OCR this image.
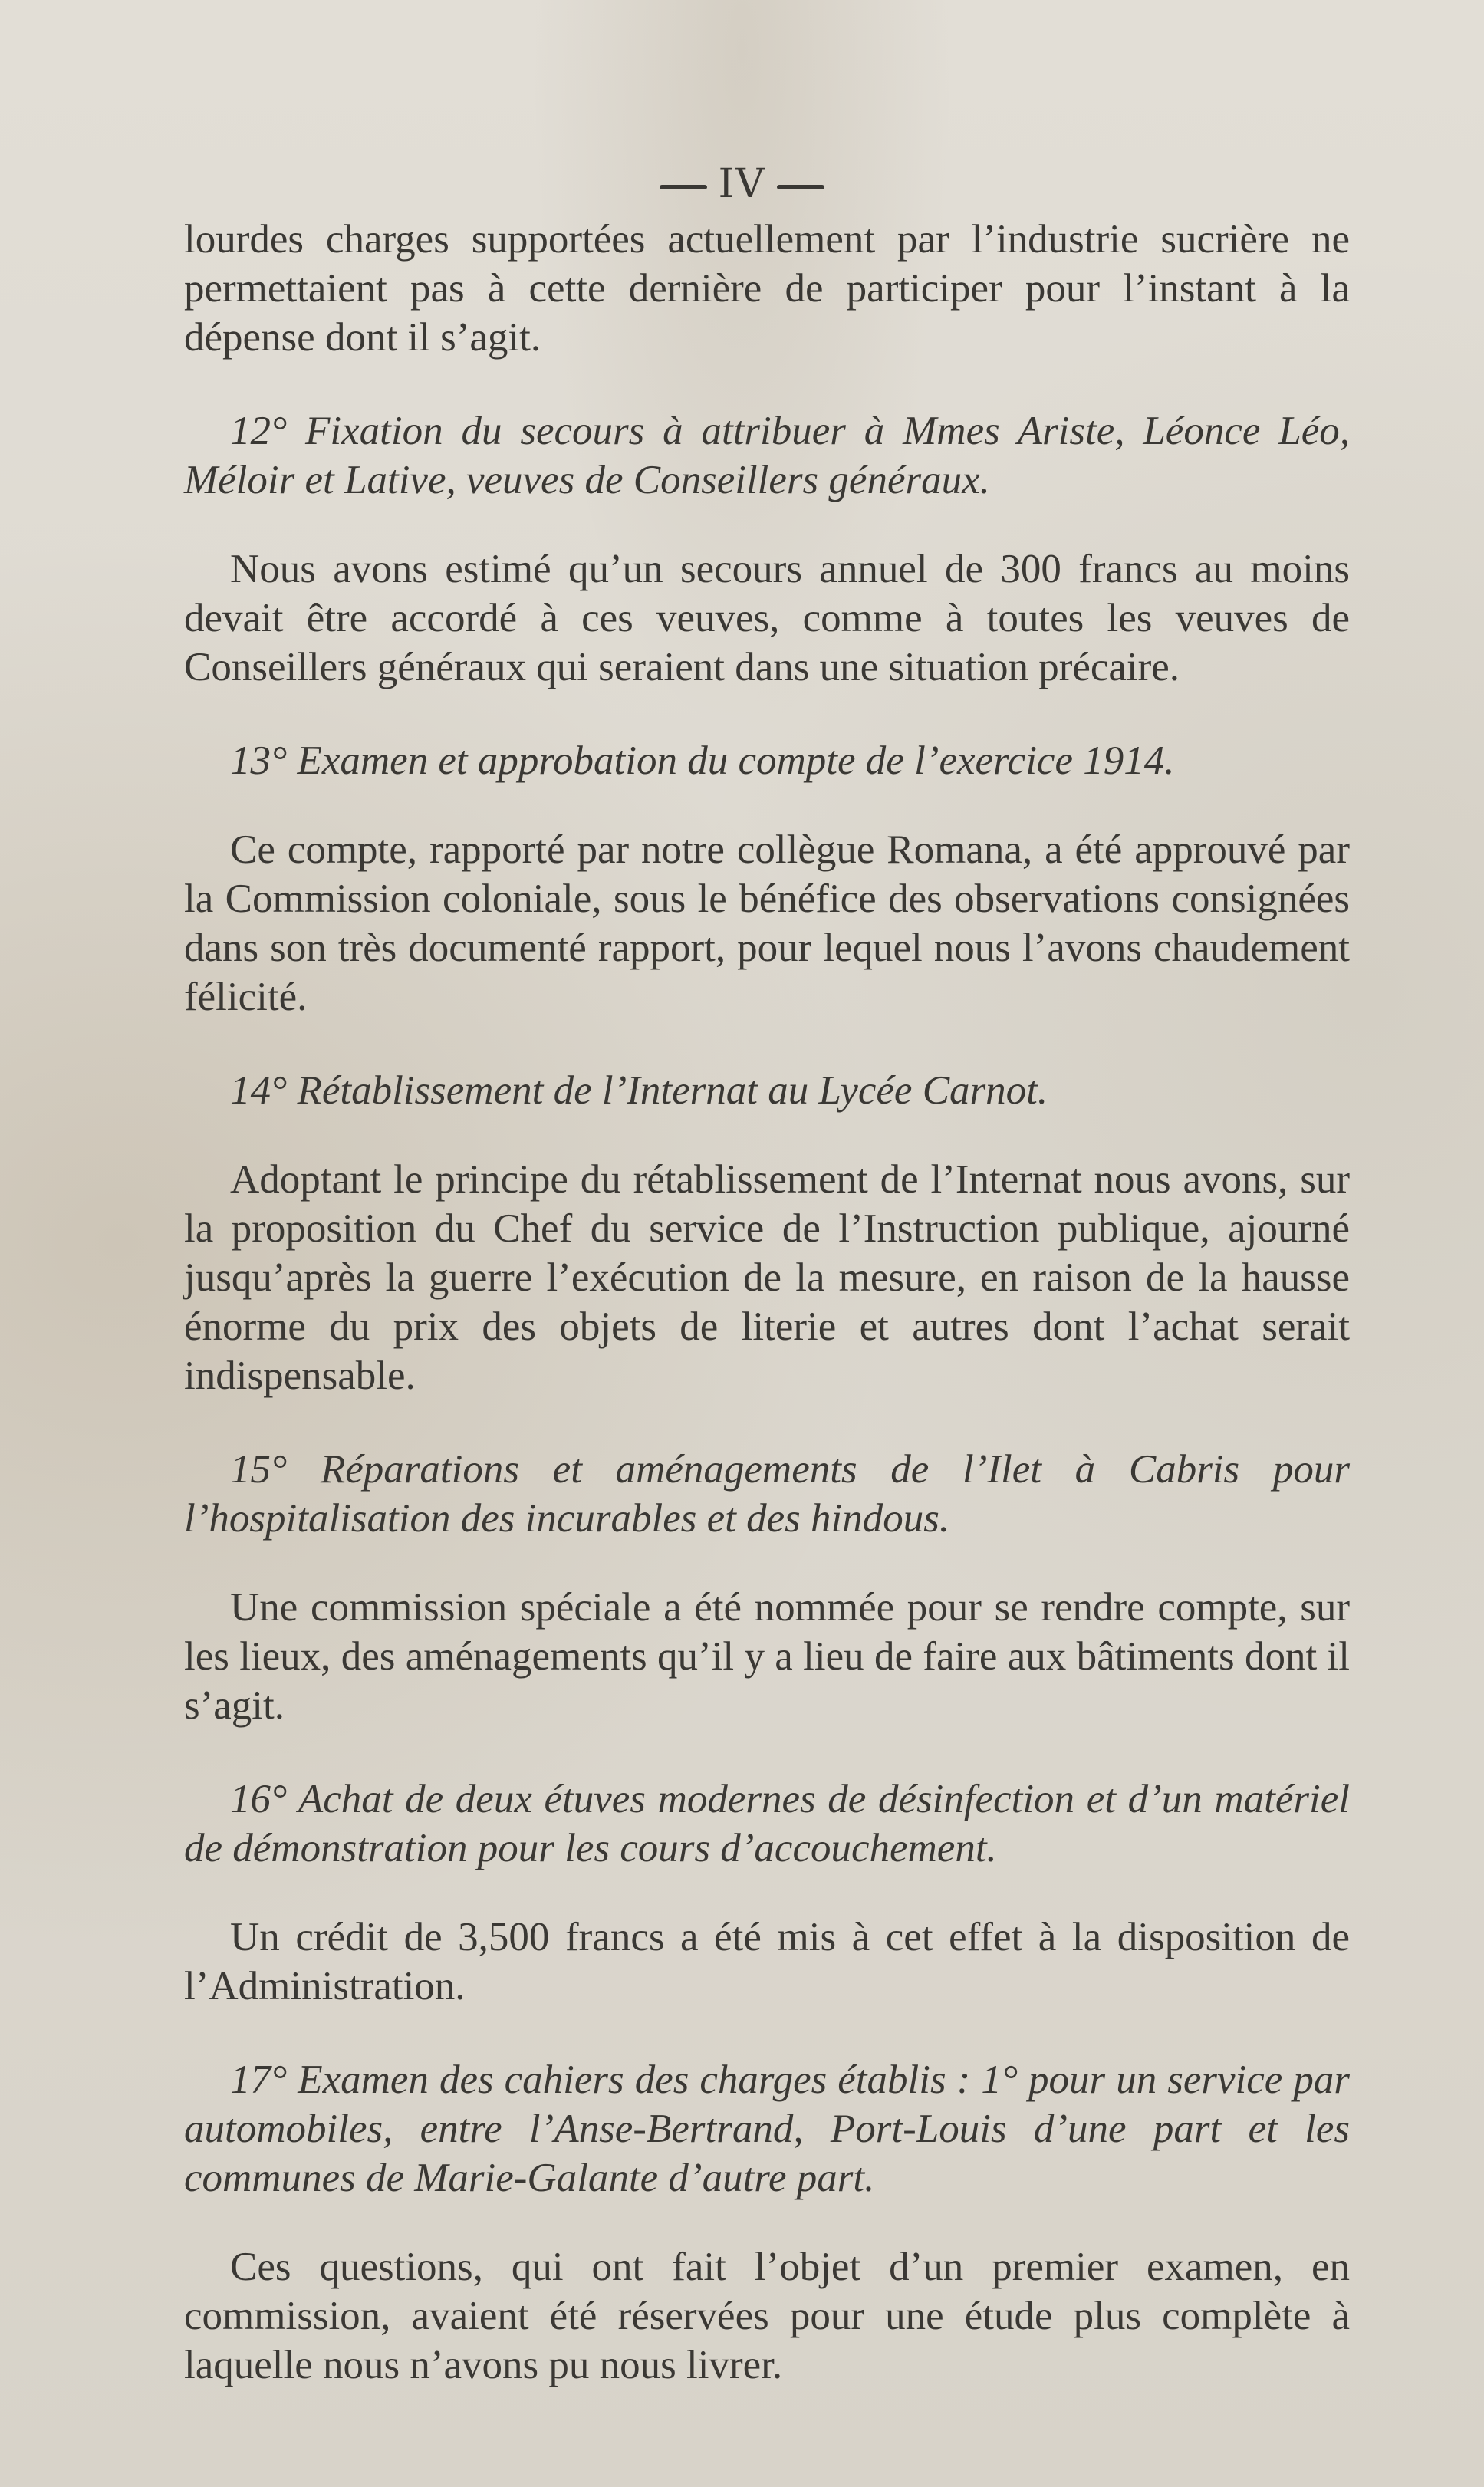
IV

lourdes charges supportées actuellement par l’industrie sucrière ne permettaient pas à cette dernière de participer pour l’instant à la dépense dont il s’agit.

12° Fixation du secours à attribuer à Mmes Ariste, Léonce Léo, Méloir et Lative, veuves de Conseillers généraux.

Nous avons estimé qu’un secours annuel de 300 francs au moins devait être accordé à ces veuves, comme à toutes les veuves de Conseillers généraux qui seraient dans une situation précaire.

13° Examen et approbation du compte de l’exercice 1914.

Ce compte, rapporté par notre collègue Romana, a été approuvé par la Commission coloniale, sous le bénéfice des observations consignées dans son très documenté rapport, pour lequel nous l’avons chaudement félicité.

14° Rétablissement de l’Internat au Lycée Carnot.

Adoptant le principe du rétablissement de l’Internat nous avons, sur la proposition du Chef du service de l’Instruction publique, ajourné jusqu’après la guerre l’exécution de la mesure, en raison de la hausse énorme du prix des objets de literie et autres dont l’achat serait indispensable.

15° Réparations et aménagements de l’Ilet à Cabris pour l’hospitalisation des incurables et des hindous.

Une commission spéciale a été nommée pour se rendre compte, sur les lieux, des aménagements qu’il y a lieu de faire aux bâtiments dont il s’agit.

16° Achat de deux étuves modernes de désinfection et d’un matériel de démonstration pour les cours d’accouchement.

Un crédit de 3,500 francs a été mis à cet effet à la disposition de l’Administration.

17° Examen des cahiers des charges établis : 1° pour un service par automobiles, entre l’Anse-Bertrand, Port-Louis d’une part et les communes de Marie-Galante d’autre part.

Ces questions, qui ont fait l’objet d’un premier examen, en commission, avaient été réservées pour une étude plus complète à laquelle nous n’avons pu nous livrer.
